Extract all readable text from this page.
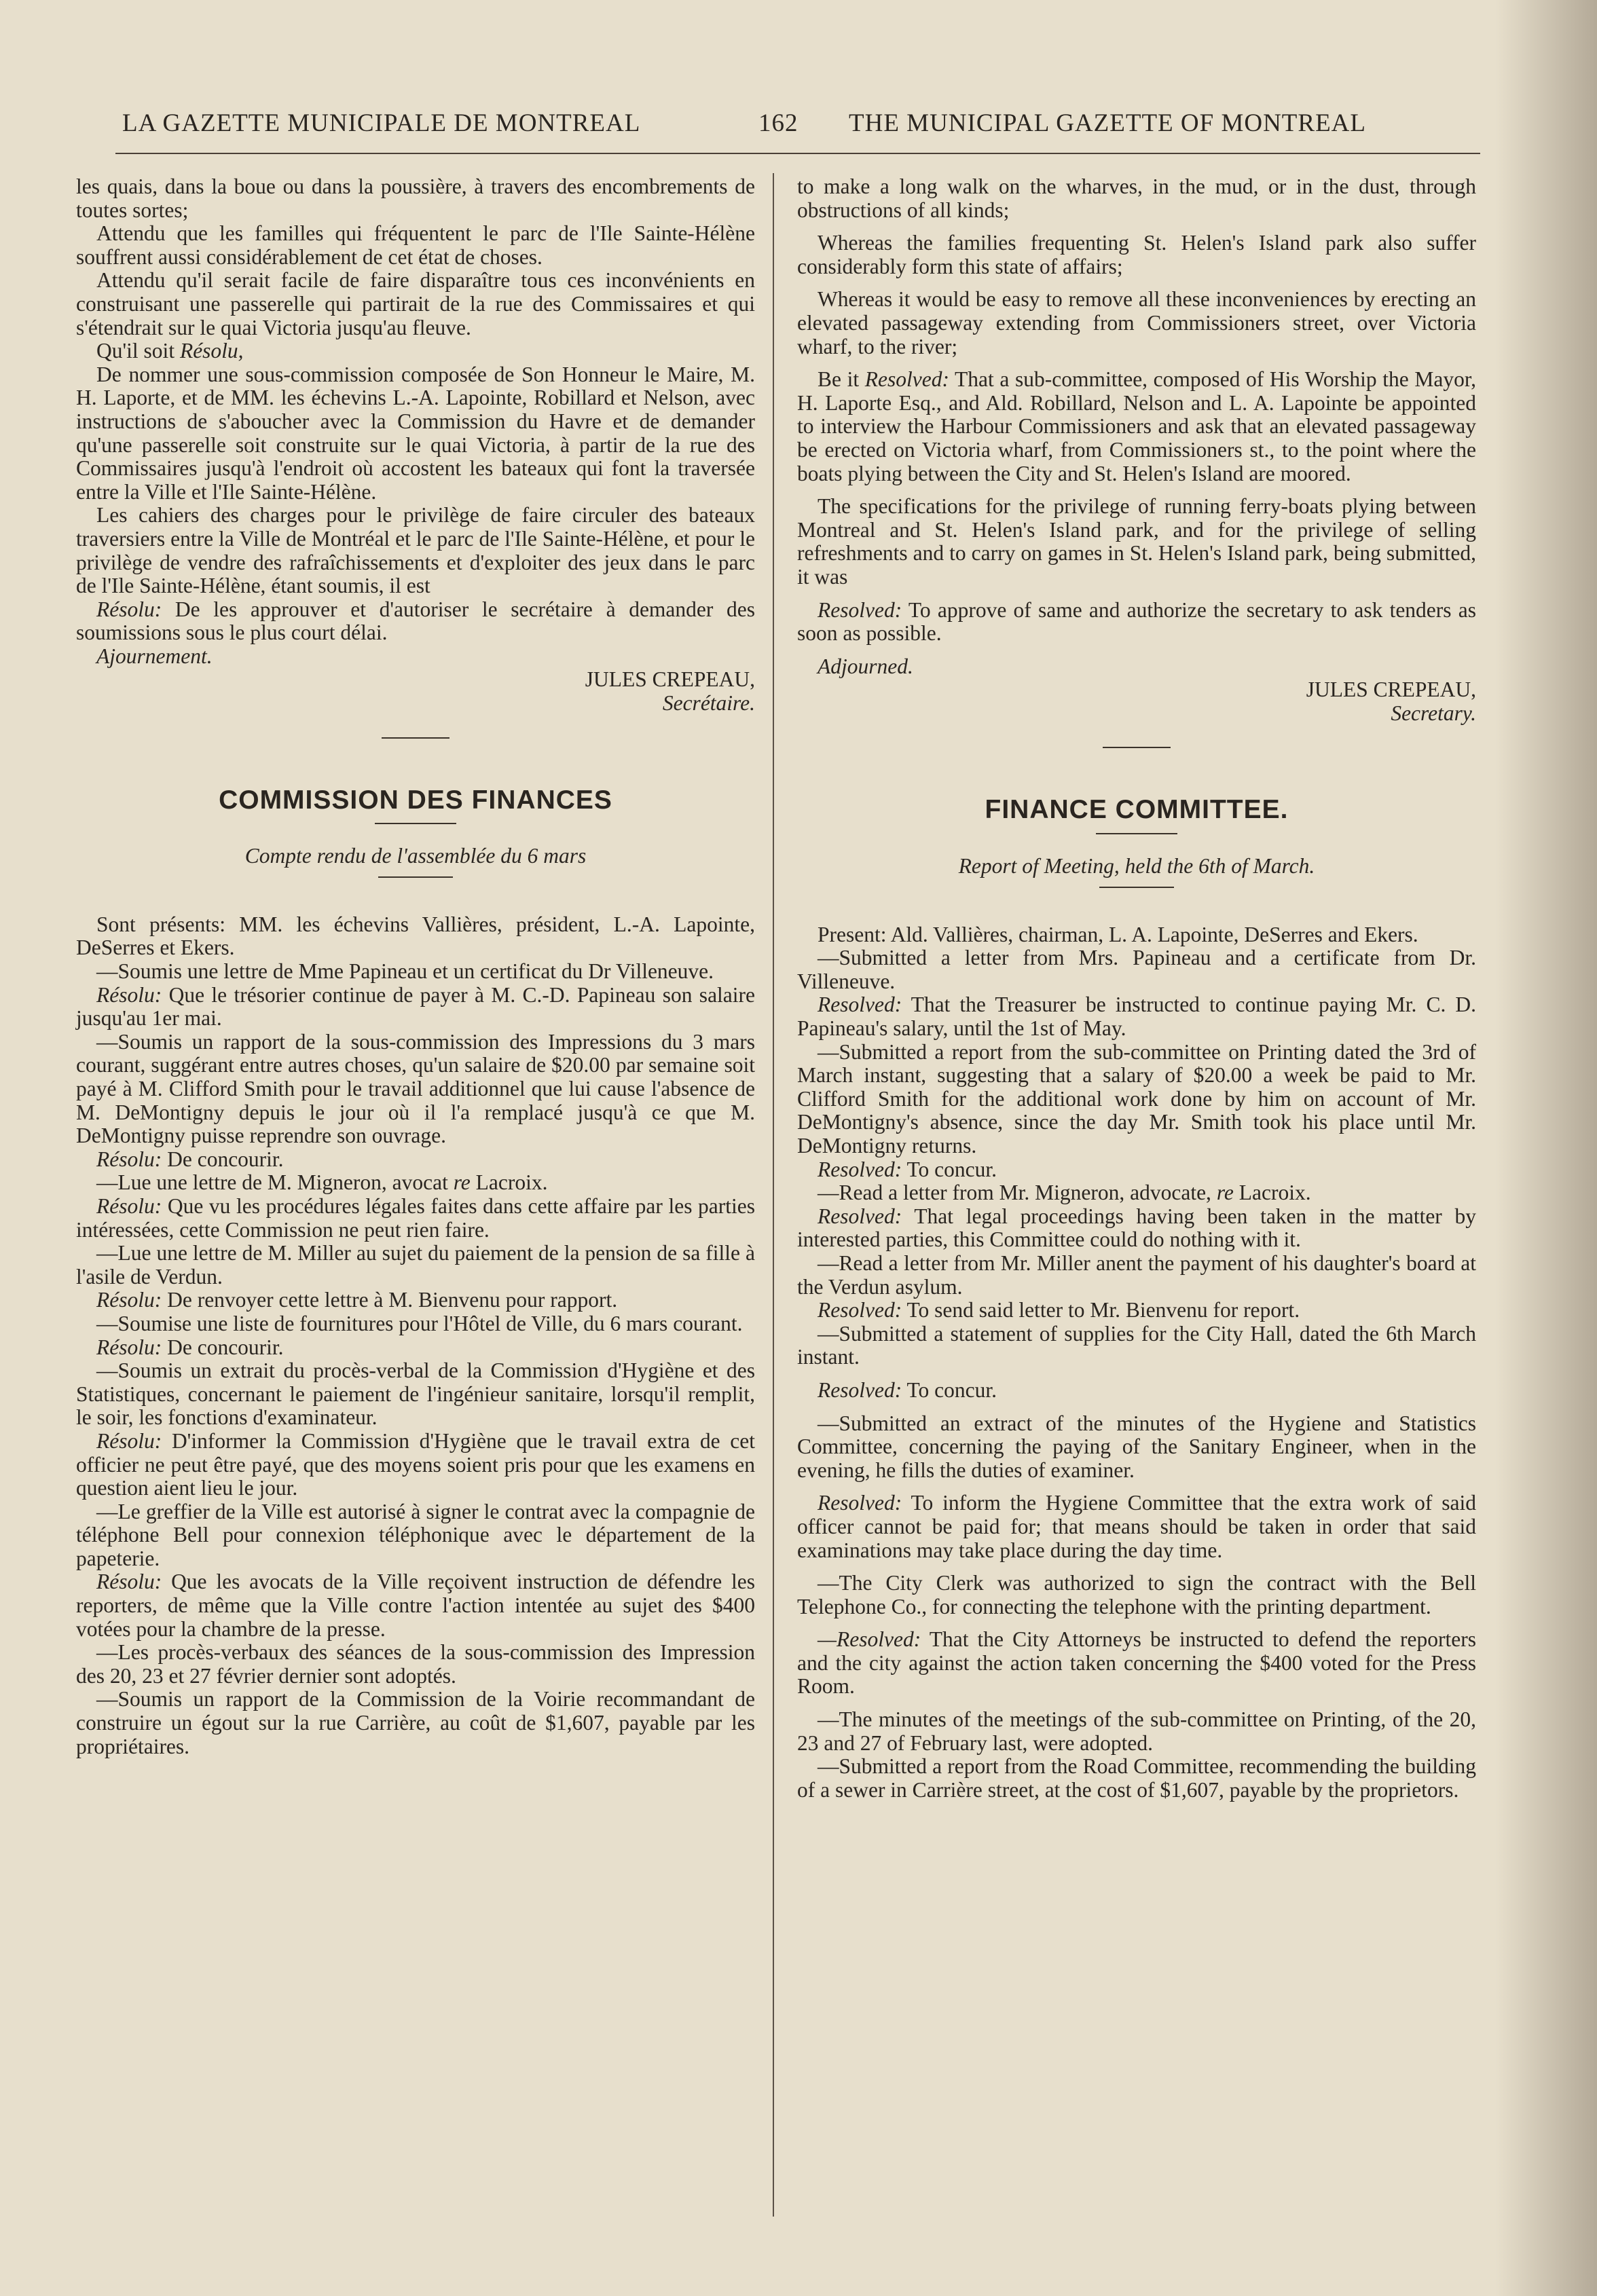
LA GAZETTE MUNICIPALE DE MONTREAL	162 THE MUNICIPAL GAZETTE OF MONTREAL

les quais, dans la boue ou dans la poussière, à travers des encombrements de toutes sortes;

Attendu que les familles qui fréquentent le parc de l'Ile Sainte-Hélène souffrent aussi considérablement de cet état de choses.

Attendu qu'il serait facile de faire disparaître tous ces inconvénients en construisant une passerelle qui partirait de la rue des Commissaires et qui s'étendrait sur le quai Victoria jusqu'au fleuve.

Qu'il soit Résolu,

De nommer une sous-commission composée de Son Honneur le Maire, M. H. Laporte, et de MM. les échevins L.-A. Lapointe, Robillard et Nelson, avec instructions de s'aboucher avec la Commission du Havre et de demander qu'une passerelle soit construite sur le quai Victoria, à partir de la rue des Commissaires jusqu'à l'endroit où accostent les bateaux qui font la traversée entre la Ville et l'Ile Sainte-Hélène.

Les cahiers des charges pour le privilège de faire circuler des bateaux traversiers entre la Ville de Montréal et le parc de l'Ile Sainte-Hélène, et pour le privilège de vendre des rafraîchissements et d'exploiter des jeux dans le parc de l'Ile Sainte-Hélène, étant soumis, il est

Résolu: De les approuver et d'autoriser le secrétaire à demander des soumissions sous le plus court délai.

Ajournement.

JULES CREPEAU,

Secrétaire.

COMMISSION DES FINANCES

Compte rendu de l'assemblée du 6 mars

Sont présents: MM. les échevins Vallières, président, L.-A. Lapointe, DeSerres et Ekers.

—Soumis une lettre de Mme Papineau et un certificat du Dr Villeneuve.

Résolu: Que le trésorier continue de payer à M. C.-D. Papineau son salaire jusqu'au 1er mai.

—Soumis un rapport de la sous-commission des Impressions du 3 mars courant, suggérant entre autres choses, qu'un salaire de $20.00 par semaine soit payé à M. Clifford Smith pour le travail additionnel que lui cause l'absence de M. DeMontigny depuis le jour où il l'a remplacé jusqu'à ce que M. DeMontigny puisse reprendre son ouvrage.

Résolu: De concourir.

—Lue une lettre de M. Migneron, avocat re Lacroix.

Résolu: Que vu les procédures légales faites dans cette affaire par les parties intéressées, cette Commission ne peut rien faire.

—Lue une lettre de M. Miller au sujet du paiement de la pension de sa fille à l'asile de Verdun.

Résolu: De renvoyer cette lettre à M. Bienvenu pour rapport.

—Soumise une liste de fournitures pour l'Hôtel de Ville, du 6 mars courant.

Résolu: De concourir.

—Soumis un extrait du procès-verbal de la Commission d'Hygiène et des Statistiques, concernant le paiement de l'ingénieur sanitaire, lorsqu'il remplit, le soir, les fonctions d'examinateur.

Résolu: D'informer la Commission d'Hygiène que le travail extra de cet officier ne peut être payé, que des moyens soient pris pour que les examens en question aient lieu le jour.

—Le greffier de la Ville est autorisé à signer le contrat avec la compagnie de téléphone Bell pour connexion téléphonique avec le département de la papeterie.

Résolu: Que les avocats de la Ville reçoivent instruction de défendre les reporters, de même que la Ville contre l'action intentée au sujet des $400 votées pour la chambre de la presse.

—Les procès-verbaux des séances de la sous-commission des Impression des 20, 23 et 27 février dernier sont adoptés.

—Soumis un rapport de la Commission de la Voirie recommandant de construire un égout sur la rue Carrière, au coût de $1,607, payable par les propriétaires.

to make a long walk on the wharves, in the mud, or in the dust, through obstructions of all kinds;

Whereas the families frequenting St. Helen's Island park also suffer considerably form this state of affairs;

Whereas it would be easy to remove all these inconveniences by erecting an elevated passageway extending from Commissioners street, over Victoria wharf, to the river;

Be it Resolved: That a sub-committee, composed of His Worship the Mayor, H. Laporte Esq., and Ald. Robillard, Nelson and L. A. Lapointe be appointed to interview the Harbour Commissioners and ask that an elevated passageway be erected on Victoria wharf, from Commissioners st., to the point where the boats plying between the City and St. Helen's Island are moored.

The specifications for the privilege of running ferry-boats plying between Montreal and St. Helen's Island park, and for the privilege of selling refreshments and to carry on games in St. Helen's Island park, being submitted, it was

Resolved: To approve of same and authorize the secretary to ask tenders as soon as possible.

Adjourned.

JULES CREPEAU,

Secretary.

FINANCE COMMITTEE.

Report of Meeting, held the 6th of March.

Present: Ald. Vallières, chairman, L. A. Lapointe, DeSerres and Ekers.

—Submitted a letter from Mrs. Papineau and a certificate from Dr. Villeneuve.

Resolved: That the Treasurer be instructed to continue paying Mr. C. D. Papineau's salary, until the 1st of May.

—Submitted a report from the sub-committee on Printing dated the 3rd of March instant, suggesting that a salary of $20.00 a week be paid to Mr. Clifford Smith for the additional work done by him on account of Mr. DeMontigny's absence, since the day Mr. Smith took his place until Mr. DeMontigny returns.

Resolved: To concur.

—Read a letter from Mr. Migneron, advocate, re Lacroix.

Resolved: That legal proceedings having been taken in the matter by interested parties, this Committee could do nothing with it.

—Read a letter from Mr. Miller anent the payment of his daughter's board at the Verdun asylum.

Resolved: To send said letter to Mr. Bienvenu for report.

—Submitted a statement of supplies for the City Hall, dated the 6th March instant.

Resolved: To concur.

—Submitted an extract of the minutes of the Hygiene and Statistics Committee, concerning the paying of the Sanitary Engineer, when in the evening, he fills the duties of examiner.

Resolved: To inform the Hygiene Committee that the extra work of said officer cannot be paid for; that means should be taken in order that said examinations may take place during the day time.

—The City Clerk was authorized to sign the contract with the Bell Telephone Co., for connecting the telephone with the printing department.

—Resolved: That the City Attorneys be instructed to defend the reporters and the city against the action taken concerning the $400 voted for the Press Room.

—The minutes of the meetings of the sub-committee on Printing, of the 20, 23 and 27 of February last, were adopted.

—Submitted a report from the Road Committee, recommending the building of a sewer in Carrière street, at the cost of $1,607, payable by the proprietors.
